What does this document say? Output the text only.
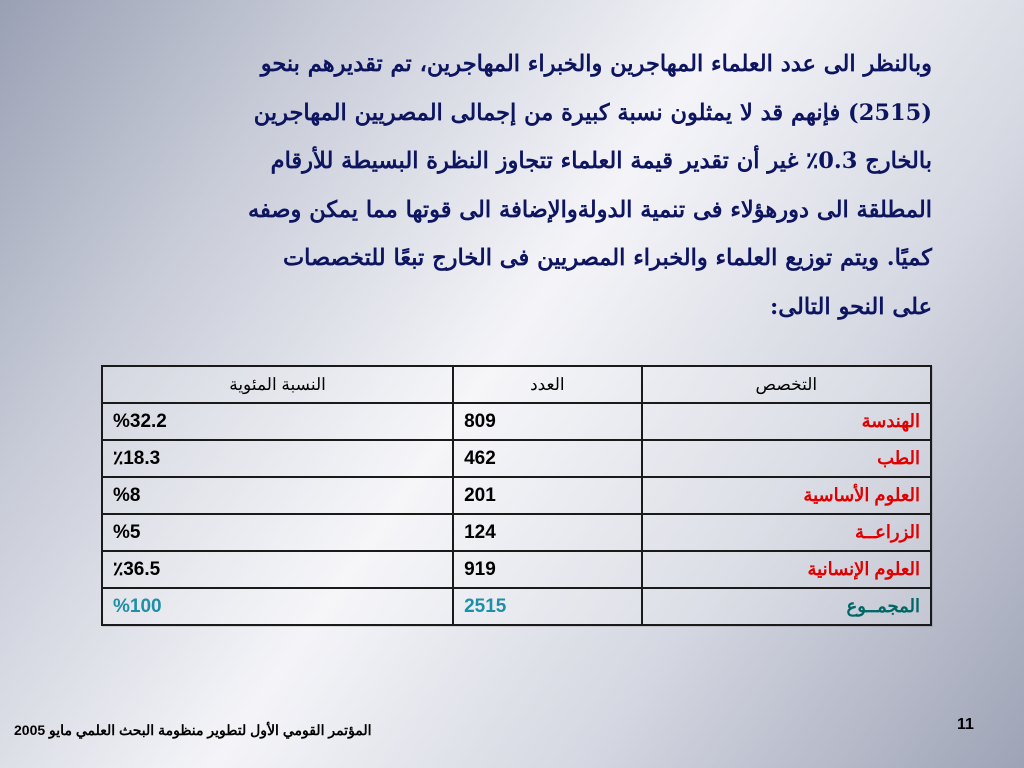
وبالنظر الى عدد العلماء المهاجرين والخبراء المهاجرين، تم تقديرهم بنحو
(2515) فإنهم قد لا يمثلون نسبة كبيرة من إجمالى المصريين المهاجرين
بالخارج 0.3٪ غير أن تقدير قيمة العلماء تتجاوز النظرة البسيطة للأرقام
المطلقة الى دورهؤلاء فى تنمية الدولةوالإضافة الى قوتها مما يمكن وصفه
كميًا. ويتم توزيع العلماء والخبراء المصريين فى الخارج تبعًا للتخصصات
على النحو التالى:
التخصص	العدد	النسبة المئوية
الهندسة	809	%32.2
الطب	462	٪18.3
العلوم الأساسية	201	%8
الزراعــة	124	%5
العلوم الإنسانية	919	٪36.5
المجمــوع	2515	%100
المؤتمر القومي الأول لتطوير منظومة البحث العلمي مايو 2005	11
